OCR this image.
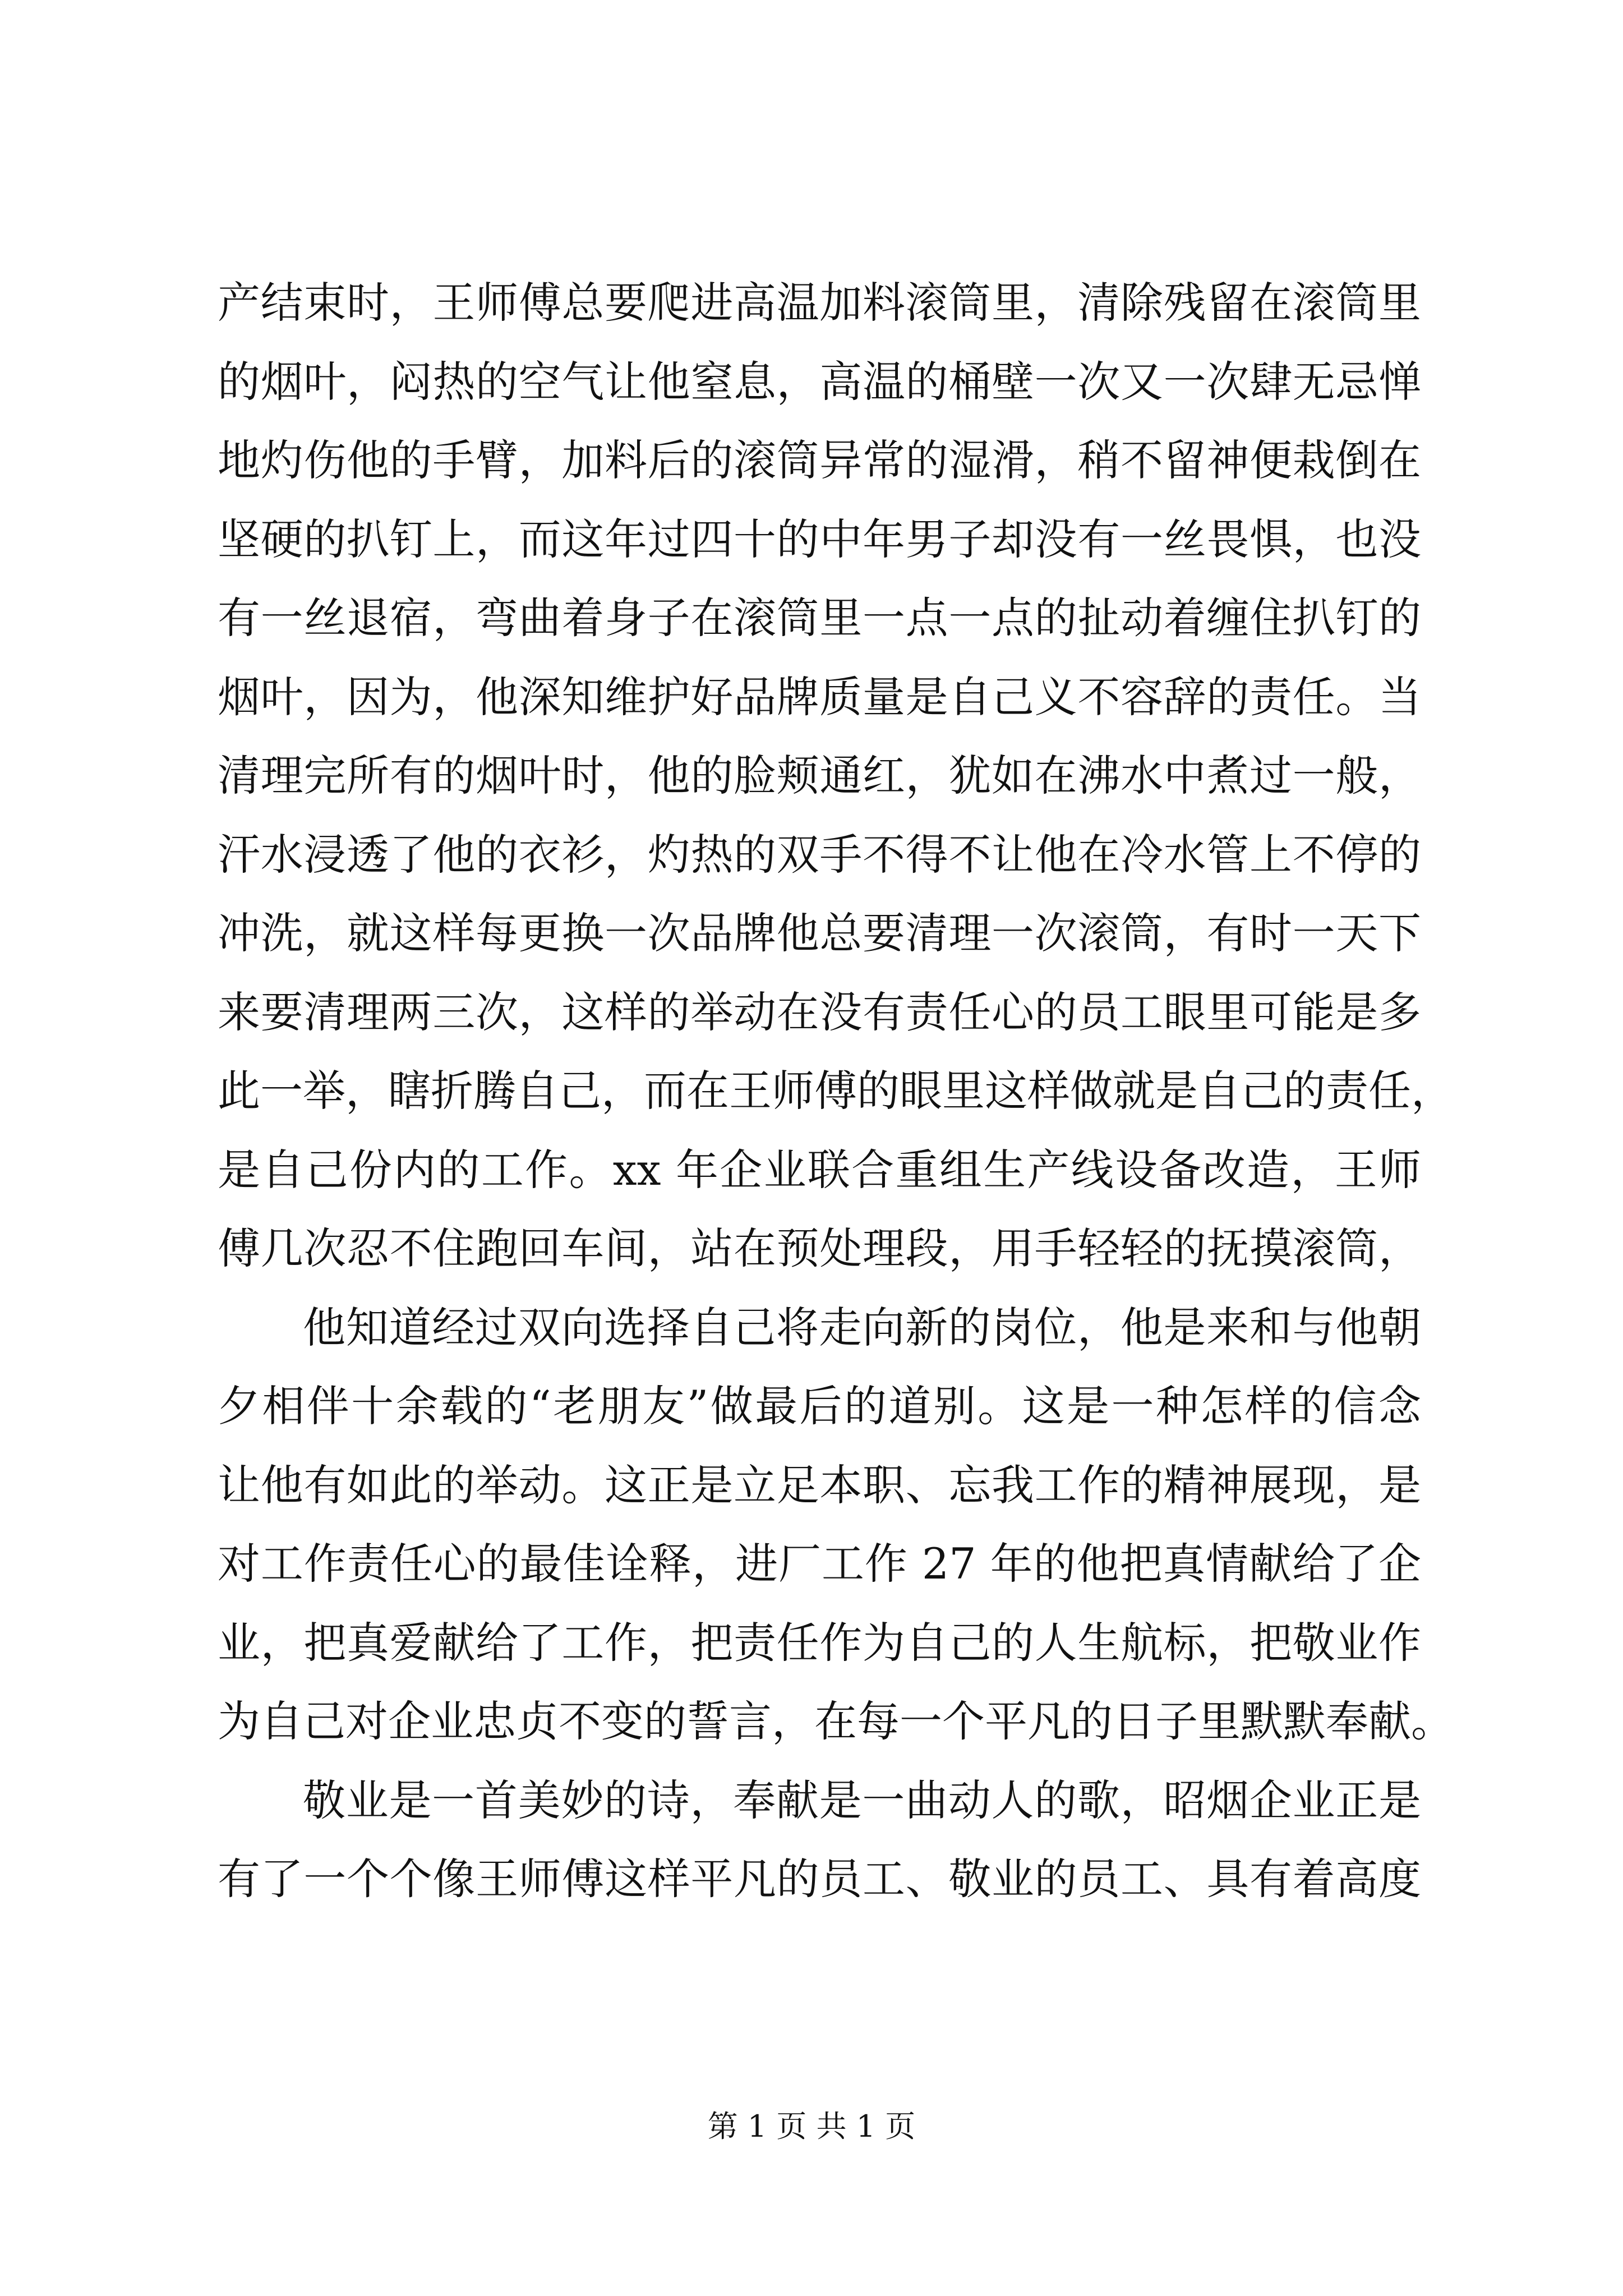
产结束时，王师傅总要爬进高温加料滚筒里，清除残留在滚筒里
的烟叶，闷热的空气让他窒息，高温的桶壁一次又一次肆无忌惮
地灼伤他的手臂，加料后的滚筒异常的湿滑，稍不留神便栽倒在
坚硬的扒钉上，而这年过四十的中年男子却没有一丝畏惧，也没
有一丝退宿，弯曲着身子在滚筒里一点一点的扯动着缠住扒钉的
烟叶，因为，他深知维护好品牌质量是自己义不容辞的责任。当
清理完所有的烟叶时，他的脸颊通红，犹如在沸水中煮过一般，
汗水浸透了他的衣衫，灼热的双手不得不让他在冷水管上不停的
冲洗，就这样每更换一次品牌他总要清理一次滚筒，有时一天下
来要清理两三次，这样的举动在没有责任心的员工眼里可能是多
此一举，瞎折腾自己，而在王师傅的眼里这样做就是自己的责任，
是自己份内的工作。xx 年企业联合重组生产线设备改造，王师
傅几次忍不住跑回车间，站在预处理段，用手轻轻的抚摸滚筒，
他知道经过双向选择自己将走向新的岗位，他是来和与他朝
夕相伴十余载的“老朋友”做最后的道别。这是一种怎样的信念
让他有如此的举动。这正是立足本职、忘我工作的精神展现，是
对工作责任心的最佳诠释，进厂工作 27 年的他把真情献给了企
业，把真爱献给了工作，把责任作为自己的人生航标，把敬业作
为自己对企业忠贞不变的誓言，在每一个平凡的日子里默默奉献。
敬业是一首美妙的诗，奉献是一曲动人的歌，昭烟企业正是
有了一个个像王师傅这样平凡的员工、敬业的员工、具有着高度
第 1 页 共 1 页
